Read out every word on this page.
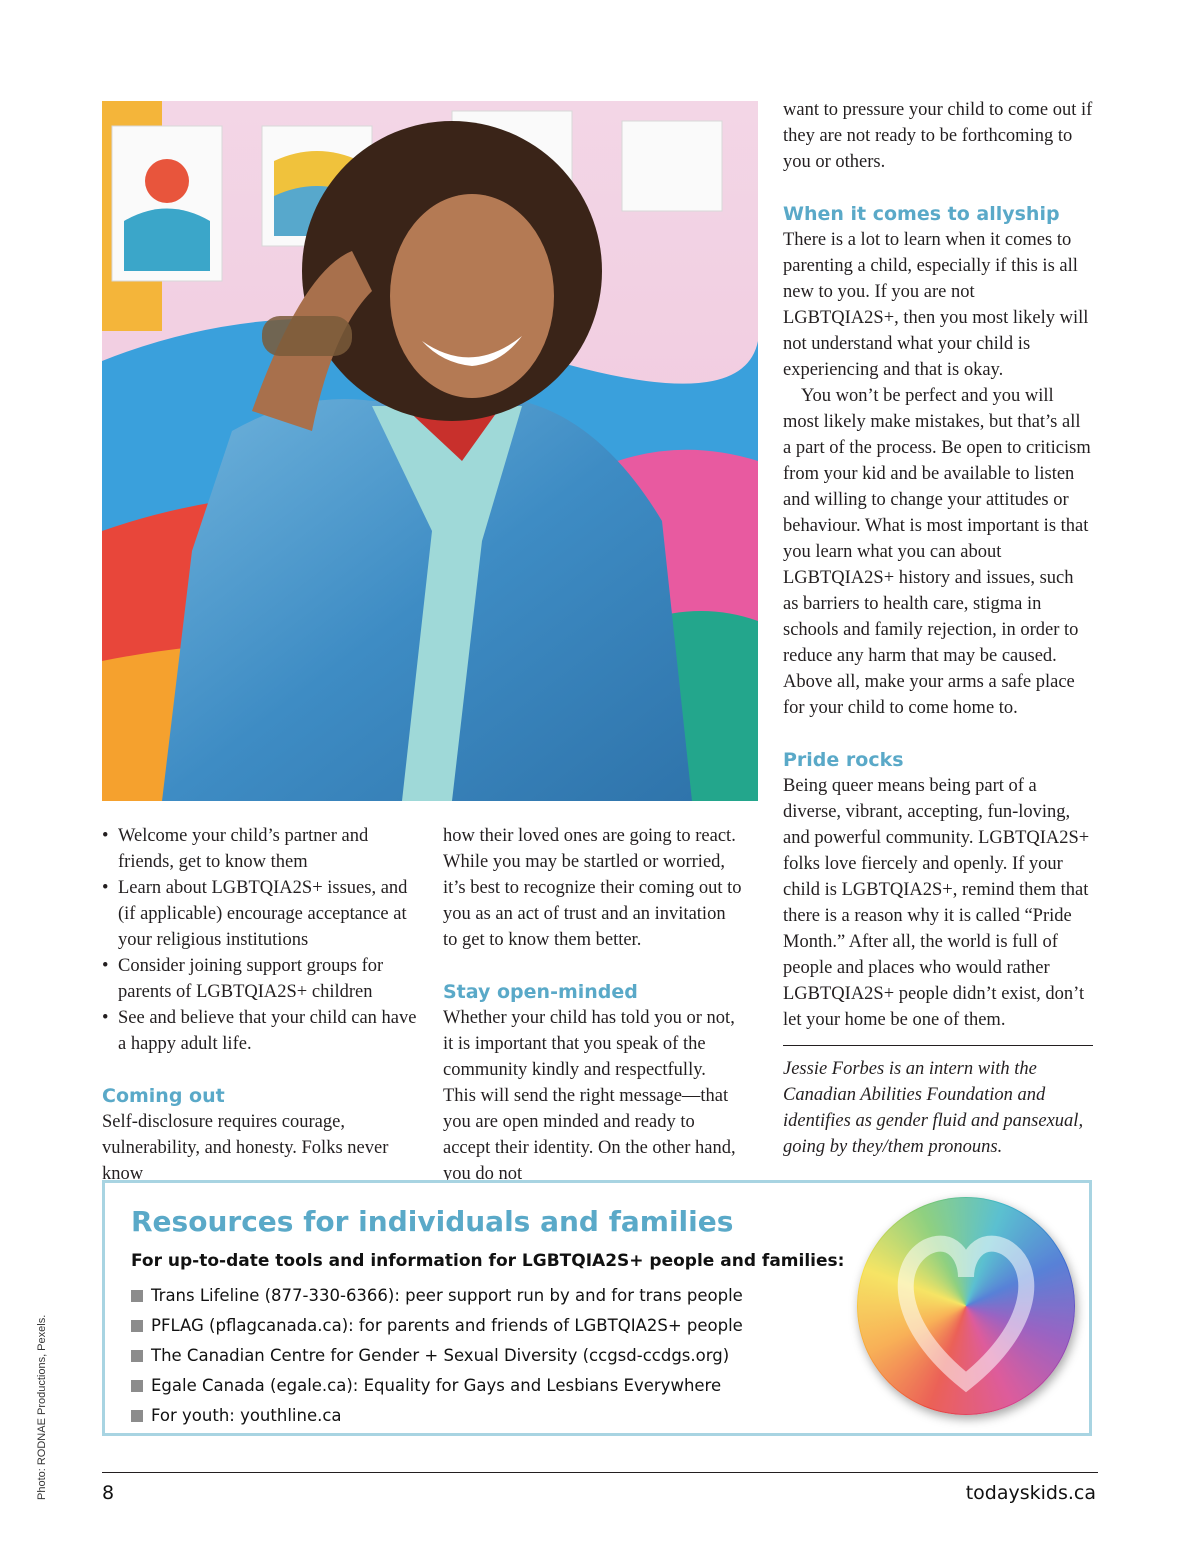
• Welcome your child’s partner and friends, get to know them
• Learn about LGBTQIA2S+ issues, and (if applicable) encourage acceptance at your religious institutions
• Consider joining support groups for parents of LGBTQIA2S+ children
• See and believe that your child can have a happy adult life.
Coming out

Self-disclosure requires courage, vulnerability, and honesty. Folks never know

how their loved ones are going to react. While you may be startled or worried, it’s best to recognize their coming out to you as an act of trust and an invitation to get to know them better.

Stay open-minded

Whether your child has told you or not, it is important that you speak of the community kindly and respectfully. This will send the right message—that you are open minded and ready to accept their identity. On the other hand, you do not

want to pressure your child to come out if they are not ready to be forthcoming to you or others.

When it comes to allyship

There is a lot to learn when it comes to parenting a child, especially if this is all new to you. If you are not LGBTQIA2S+, then you most likely will not understand what your child is experiencing and that is okay.

You won’t be perfect and you will most likely make mistakes, but that’s all a part of the process. Be open to criticism from your kid and be available to listen and willing to change your attitudes or behaviour. What is most important is that you learn what you can about LGBTQIA2S+ history and issues, such as barriers to health care, stigma in schools and family rejection, in order to reduce any harm that may be caused. Above all, make your arms a safe place for your child to come home to.

Pride rocks

Being queer means being part of a diverse, vibrant, accepting, fun-loving, and powerful community. LGBTQIA2S+ folks love fiercely and openly. If your child is LGBTQIA2S+, remind them that there is a reason why it is called “Pride Month.” After all, the world is full of people and places who would rather LGBTQIA2S+ people didn’t exist, don’t let your home be one of them.

Jessie Forbes is an intern with the Canadian Abilities Foundation and identifies as gender fluid and pansexual, going by they/them pronouns.

Resources for individuals and families

For up-to-date tools and information for LGBTQIA2S+ people and families:

Trans Lifeline (877-330-6366): peer support run by and for trans people
PFLAG (pflagcanada.ca): for parents and friends of LGBTQIA2S+ people
The Canadian Centre for Gender + Sexual Diversity (ccgsd-ccdgs.org)
Egale Canada (egale.ca): Equality for Gays and Lesbians Everywhere
For youth: youthline.ca
8	todayskids.ca
Photo: RODNAE Productions, Pexels.
